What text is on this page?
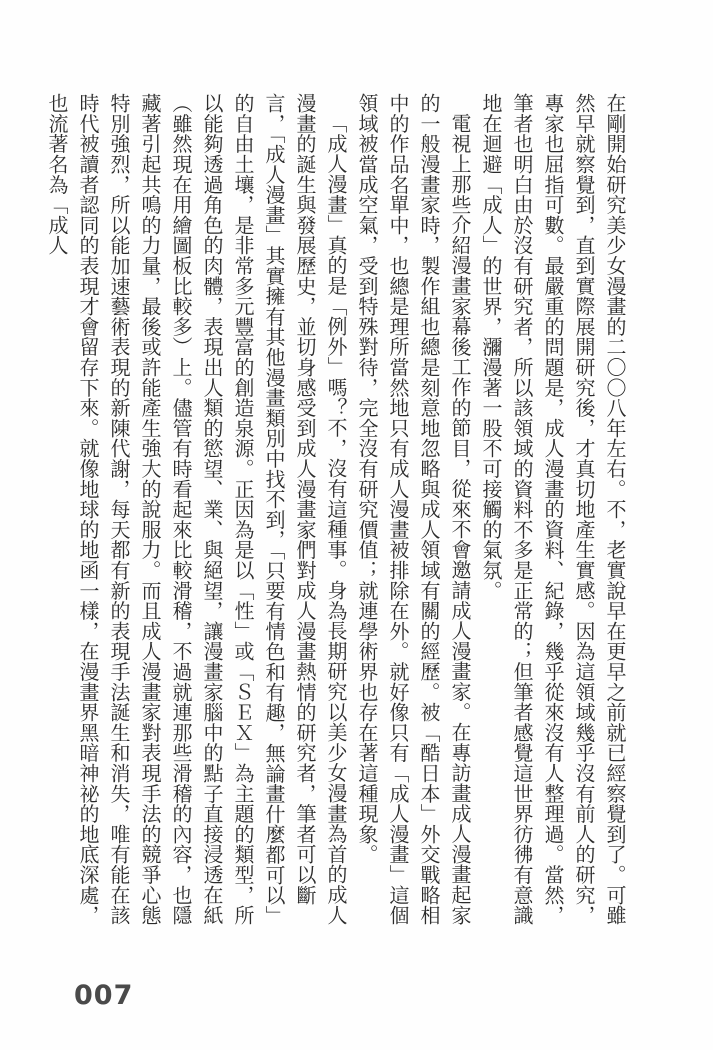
在剛開始研究美少女漫畫的二〇〇八年左右。不，老實說早在更早之前就已經察覺到了。可雖然早就察覺到，直到實際展開研究後，才真切地產生實感。因為這領域幾乎沒有前人的研究，專家也屈指可數。最嚴重的問題是，成人漫畫的資料、紀錄，幾乎從來沒有人整理過。當然，筆者也明白由於沒有研究者，所以該領域的資料不多是正常的；但筆者感覺這世界彷彿有意識地在迴避「成人」的世界，瀰漫著一股不可接觸的氣氛。

電視上那些介紹漫畫家幕後工作的節目，從來不會邀請成人漫畫家。在專訪畫成人漫畫起家的一般漫畫家時，製作組也總是刻意地忽略與成人領域有關的經歷。被「酷日本」外交戰略相中的作品名單中，也總是理所當然地只有成人漫畫被排除在外。就好像只有「成人漫畫」這個領域被當成空氣，受到特殊對待，完全沒有研究價值；就連學術界也存在著這種現象。

「成人漫畫」真的是「例外」嗎？不，沒有這種事。身為長期研究以美少女漫畫為首的成人漫畫的誕生與發展歷史，並切身感受到成人漫畫家們對成人漫畫熱情的研究者，筆者可以斷言，「成人漫畫」其實擁有其他漫畫類別中找不到，「只要有情色和有趣，無論畫什麼都可以」的自由土壤，是非常多元豐富的創造泉源。正因為是以「性」或「ＳＥＸ」為主題的類型，所以能夠透過角色的肉體，表現出人類的慾望、業、與絕望，讓漫畫家腦中的點子直接浸透在紙（雖然現在用繪圖板比較多）上。儘管有時看起來比較滑稽，不過就連那些滑稽的內容，也隱藏著引起共鳴的力量，最後或許能產生強大的說服力。而且成人漫畫家對表現手法的競爭心態特別強烈，所以能加速藝術表現的新陳代謝，每天都有新的表現手法誕生和消失，唯有能在該時代被讀者認同的表現才會留存下來。就像地球的地函一樣，在漫畫界黑暗神祕的地底深處，也流著名為「成人

007
